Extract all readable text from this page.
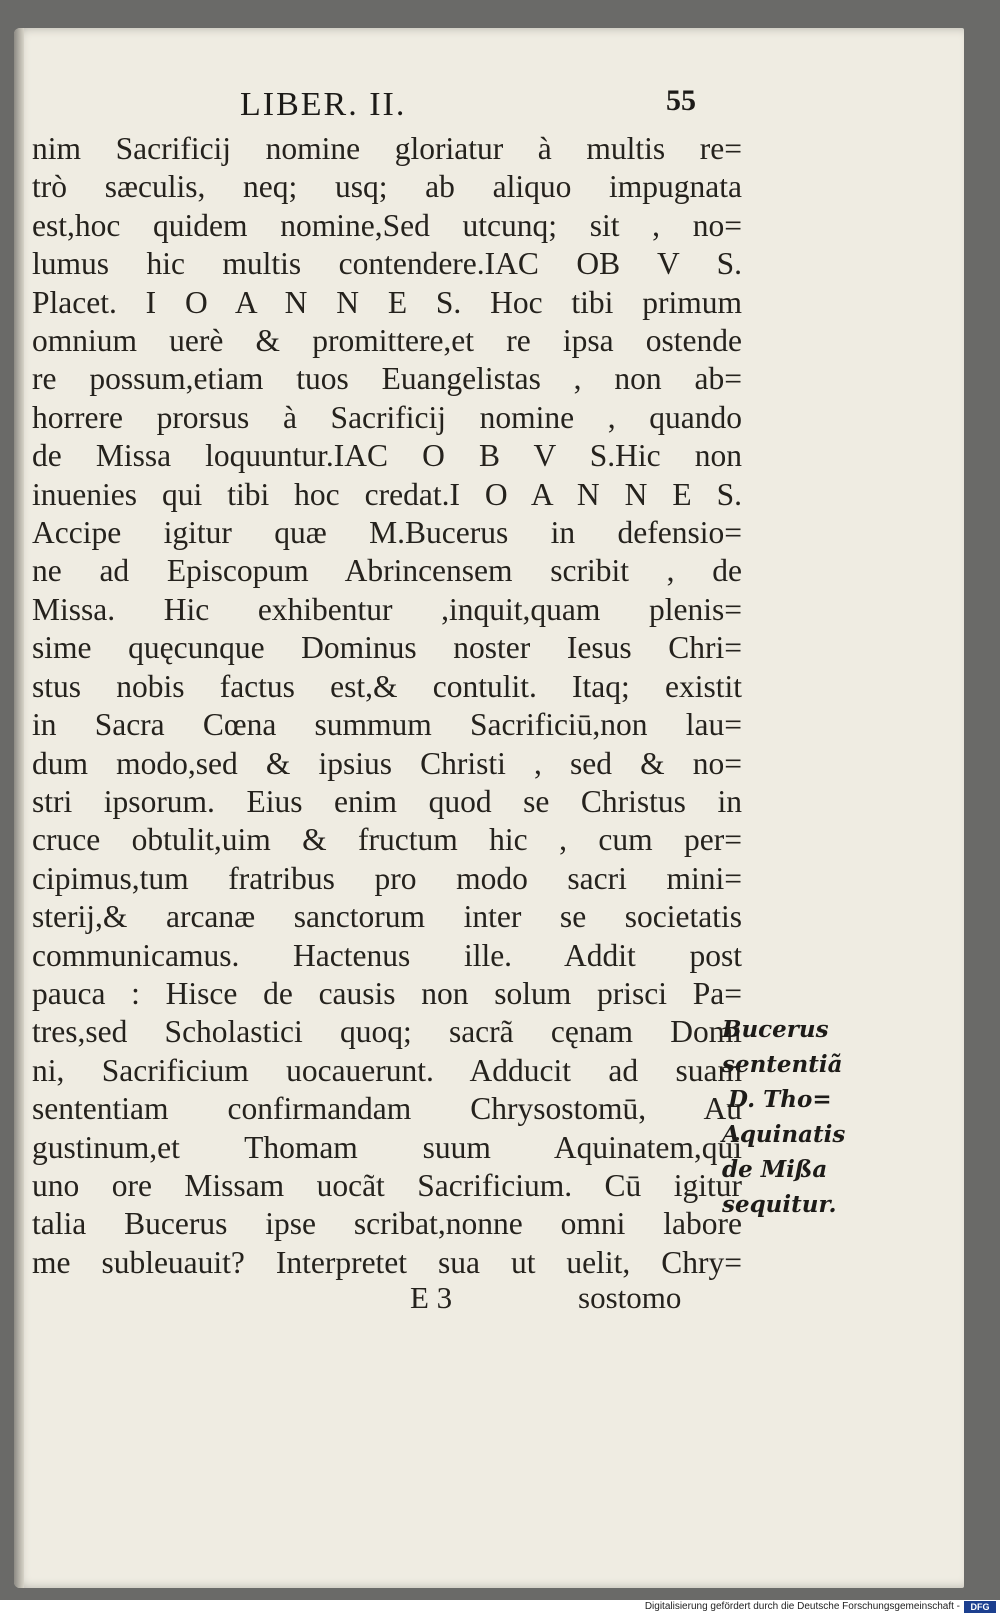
LIBER. II.	55
nim Sacrificij nomine gloriatur à multis re=
trò sæculis, neq; usq; ab aliquo impugnata
est,hoc quidem nomine,Sed utcunq; sit , no=
lumus hic multis contendere.IAC OB V S.
Placet. I O A N N E S. Hoc tibi primum
omnium uerè & promittere,et re ipsa ostende
re possum,etiam tuos Euangelistas , non ab=
horrere prorsus à Sacrificij nomine , quando
de Missa loquuntur.IAC O B V S.Hic non
inuenies qui tibi hoc credat.I O A N N E S.
Accipe igitur quæ M.Bucerus in defensio=
ne ad Episcopum Abrincensem scribit , de
Missa. Hic exhibentur ,inquit,quam plenis=
sime quęcunque Dominus noster Iesus Chri=
stus nobis factus est,& contulit. Itaq; existit
in Sacra Cœna summum Sacrificiū,non lau=
dum modo,sed & ipsius Christi , sed & no=
stri ipsorum. Eius enim quod se Christus in
cruce obtulit,uim & fructum hic , cum per=
cipimus,tum fratribus pro modo sacri mini=
sterij,& arcanæ sanctorum inter se societatis
communicamus. Hactenus ille. Addit post
pauca : Hisce de causis non solum prisci Pa=
tres,sed Scholastici quoq; sacrã cęnam Domi
ni, Sacrificium uocauerunt. Adducit ad suam
sententiam confirmandam Chrysostomū, Au
gustinum,et Thomam suum Aquinatem,qui
uno ore Missam uocãt Sacrificium. Cū igitur
talia Bucerus ipse scribat,nonne omni labore
me subleuauit? Interpretet sua ut uelit, Chry=
Bucerus
sententiã
D. Tho=
Aquinatis
de Mißa
sequitur.
E 3	sostomo
Digitalisierung gefördert durch die Deutsche Forschungsgemeinschaft -	DFG
